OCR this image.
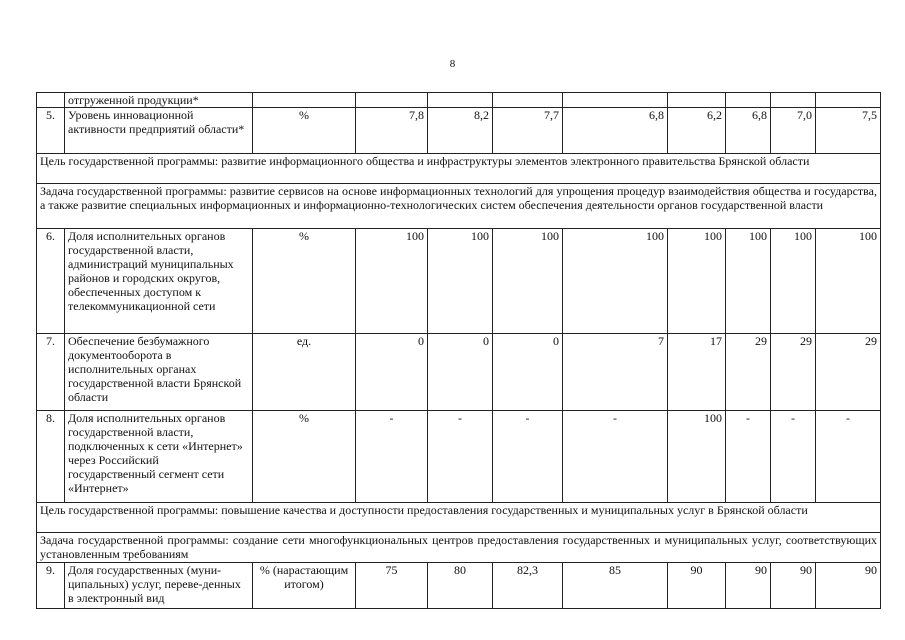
8
	отгруженной продукции*									
5.	Уровень инновационной активности предприятий области*	%	7,8	8,2	7,7	6,8	6,2	6,8	7,0	7,5
Цель государственной программы: развитие информационного общества и инфраструктуры элементов электронного правительства Брянской области										
Задача государственной программы: развитие сервисов на основе информационных технологий для упрощения процедур взаимодействия общества и государства, а также развитие специальных информационных и информационно-технологических систем обеспечения деятельности органов государственной власти										
6.	Доля исполнительных органов государственной власти, администраций муниципальных районов и городских округов, обеспеченных доступом к телекоммуникационной сети	%	100	100	100	100	100	100	100	100
7.	Обеспечение безбумажного документооборота в исполнительных органах государственной власти Брянской области	ед.	0	0	0	7	17	29	29	29
8.	Доля исполнительных органов государственной власти, подключенных к сети «Интернет» через Российский государственный сегмент сети «Интернет»	%	-	-	-	-	100	-	-	-
Цель государственной программы: повышение качества и доступности предоставления государственных и муниципальных услуг в Брянской области										
Задача государственной программы: создание сети многофункциональных центров предоставления государственных и муниципальных услуг, соответствующих установленным требованиям										
9.	Доля государственных (муни-ципальных) услуг, переве-денных в электронный вид	% (нарастающим итогом)	75	80	82,3	85	90	90	90	90
